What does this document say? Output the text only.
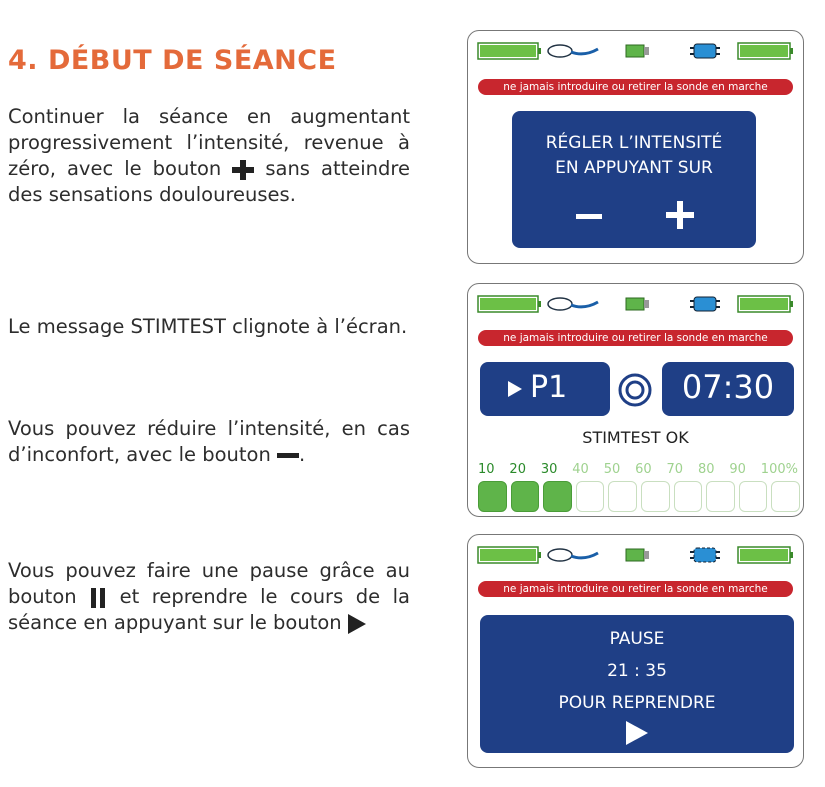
4. DÉBUT DE SÉANCE
Continuer la séance en augmentant progressivement l’intensité, revenue à zéro, avec le bouton  sans atteindre des sensations douloureuses.
Le message STIMTEST clignote à l’écran.
Vous pouvez réduire l’intensité, en cas d’inconfort, avec le bouton .
Vous pouvez faire une pause grâce au bouton  et reprendre le cours de la séance en appuyant sur le bouton
ne jamais introduire ou retirer la sonde en marche
RÉGLER L’INTENSITÉ
EN APPUYANT SUR
ne jamais introduire ou retirer la sonde en marche
P1	07:30
STIMTEST OK
10 20 30 40 50 60 70 80 90 100%
ne jamais introduire ou retirer la sonde en marche
PAUSE
21 : 35
POUR REPRENDRE
